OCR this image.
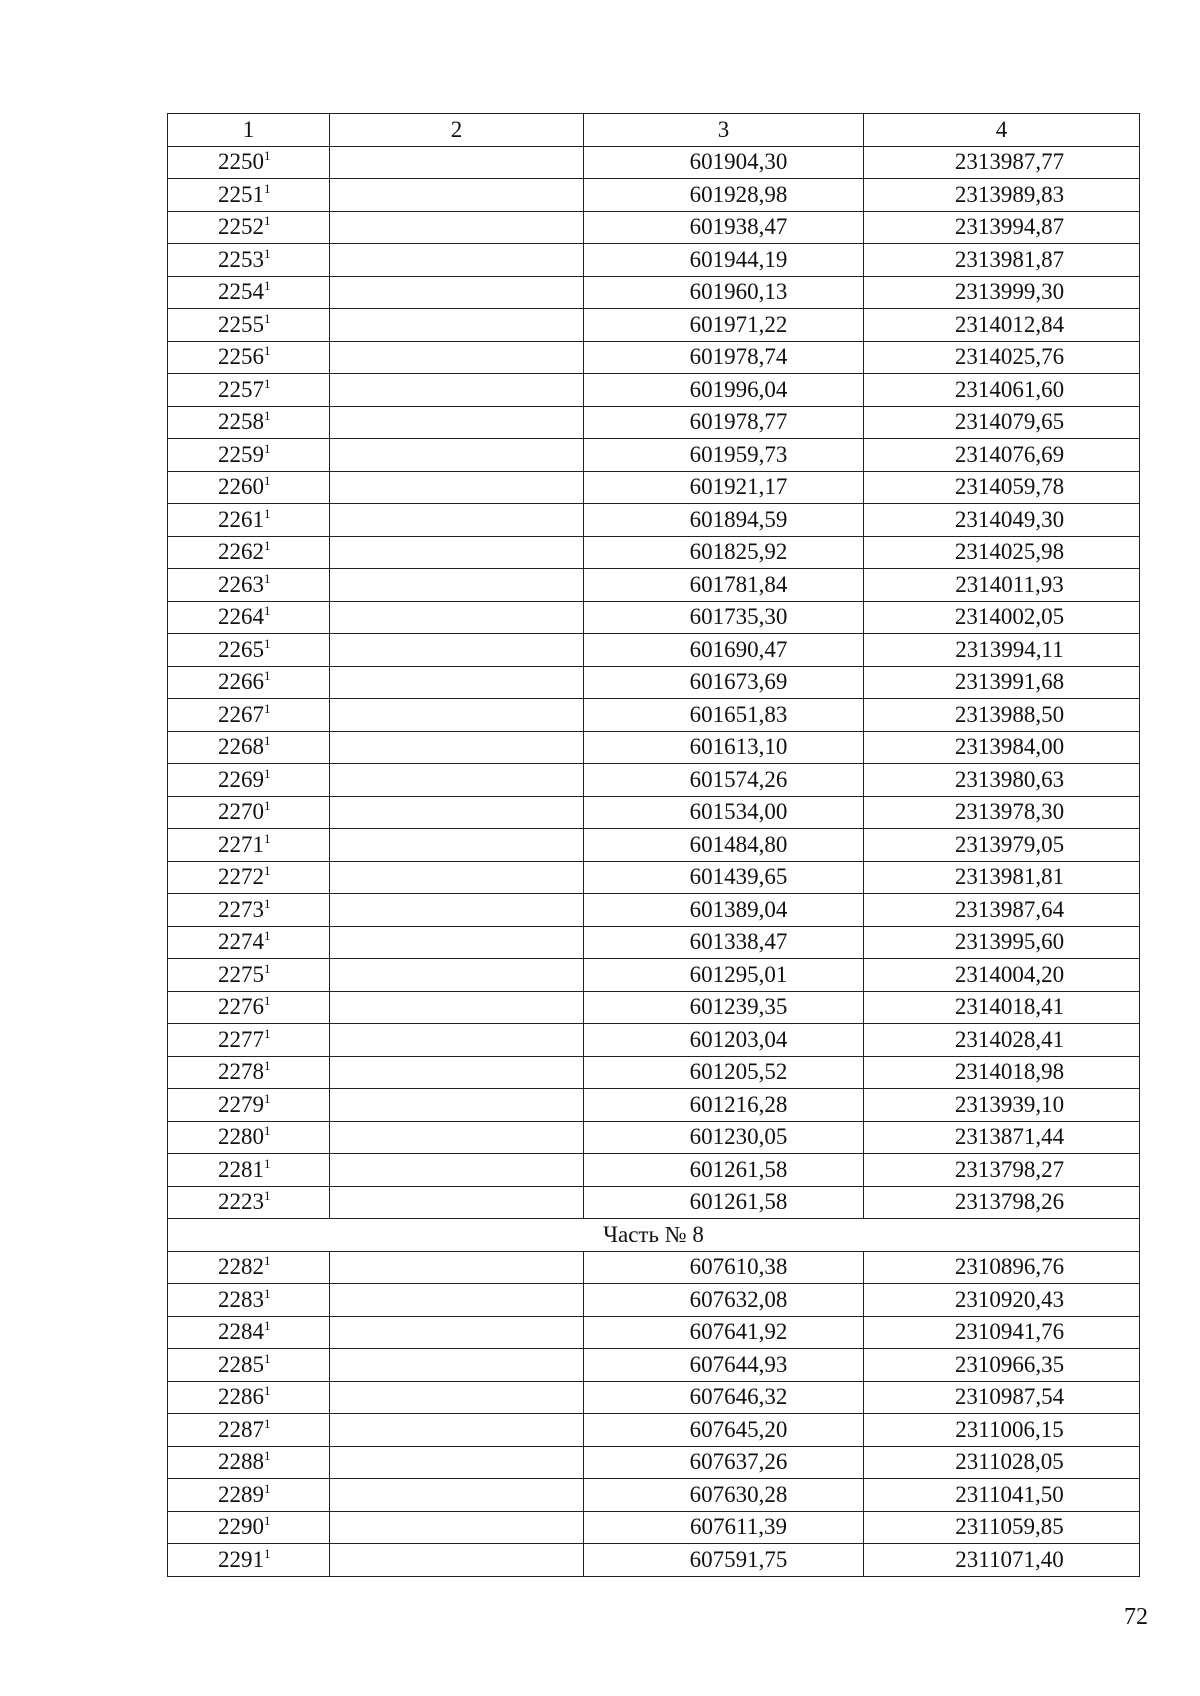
1	2	3	4
2250$^1$		601904,30	2313987,77
2251$^1$		601928,98	2313989,83
2252$^1$		601938,47	2313994,87
2253$^1$		601944,19	2313981,87
2254$^1$		601960,13	2313999,30
2255$^1$		601971,22	2314012,84
2256$^1$		601978,74	2314025,76
2257$^1$		601996,04	2314061,60
2258$^1$		601978,77	2314079,65
2259$^1$		601959,73	2314076,69
2260$^1$		601921,17	2314059,78
2261$^1$		601894,59	2314049,30
2262$^1$		601825,92	2314025,98
2263$^1$		601781,84	2314011,93
2264$^1$		601735,30	2314002,05
2265$^1$		601690,47	2313994,11
2266$^1$		601673,69	2313991,68
2267$^1$		601651,83	2313988,50
2268$^1$		601613,10	2313984,00
2269$^1$		601574,26	2313980,63
2270$^1$		601534,00	2313978,30
2271$^1$		601484,80	2313979,05
2272$^1$		601439,65	2313981,81
2273$^1$		601389,04	2313987,64
2274$^1$		601338,47	2313995,60
2275$^1$		601295,01	2314004,20
2276$^1$		601239,35	2314018,41
2277$^1$		601203,04	2314028,41
2278$^1$		601205,52	2314018,98
2279$^1$		601216,28	2313939,10
2280$^1$		601230,05	2313871,44
2281$^1$		601261,58	2313798,27
2223$^1$		601261,58	2313798,26
Часть № 8			
2282$^1$		607610,38	2310896,76
2283$^1$		607632,08	2310920,43
2284$^1$		607641,92	2310941,76
2285$^1$		607644,93	2310966,35
2286$^1$		607646,32	2310987,54
2287$^1$		607645,20	2311006,15
2288$^1$		607637,26	2311028,05
2289$^1$		607630,28	2311041,50
2290$^1$		607611,39	2311059,85
2291$^1$		607591,75	2311071,40
72
